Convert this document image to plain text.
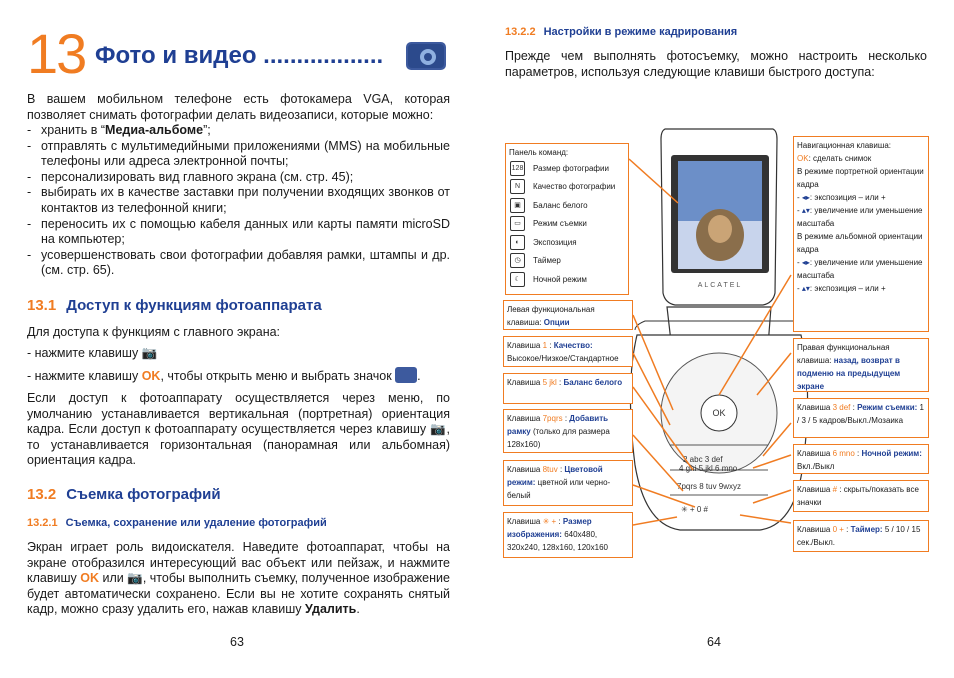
13 Фото и видео ..................
В вашем мобильном телефоне есть фотокамера VGA, которая позволяет снимать фотографии делать видеозаписи, которые можно:
- хранить в “Медиа-альбоме”;
- отправлять с мультимедийными приложениями (MMS) на мобильные телефоны или адреса электронной почты;
- персонализировать вид главного экрана (см. стр. 45);
- выбирать их в качестве заставки при получении входящих звонков от контактов из телефонной книги;
- переносить их с помощью кабеля данных или карты памяти microSD на компьютер;
- усовершенствовать свои фотографии добавляя рамки, штампы и др. (см. стр. 65).
13.1 Доступ к функциям фотоаппарата
Для доступа к функциям с главного экрана:
- нажмите клавишу 📷
- нажмите клавишу OK, чтобы открыть меню и выбрать значок .
Если доступ к фотоаппарату осуществляется через меню, по умолчанию устанавливается вертикальная (портретная) ориентация кадра. Если доступ к фотоаппарату осуществляется через клавишу 📷, то устанавливается горизонтальная (панорамная или альбомная) ориентация кадра.
13.2 Съемка фотографий
13.2.1 Съемка, сохранение или удаление фотографий
Экран играет роль видоискателя. Наведите фотоаппарат, чтобы на экране отобразился интересующий вас объект или пейзаж, и нажмите клавишу OK или 📷, чтобы выполнить съемку, полученное изображение будет автоматически сохранено. Если вы не хотите сохранять снятый кадр, можно сразу удалить его, нажав клавишу Удалить.
63
13.2.2 Настройки в режиме кадрирования
Прежде чем выполнять фотосъемку, можно настроить несколько параметров, используя следующие клавиши быстрого доступа:
ALCATEL
OK
2 abc 3 def
4 ghi 5 jkl 6 mno
7pqrs 8 tuv 9wxyz
✳ + 0 #
Панель команд:
128 Размер фотографии
N	Качество фотографии
▣	Баланс белого
▭	Режим съемки
◐	Экспозиция
◷	Таймер
☾	Ночной режим
Левая функциональная клавиша: Опции
Клавиша 1 : Качество: Высокое/Низкое/Стандартное
Клавиша 5 jkl : Баланс белого
Клавиша 7pqrs : Добавить рамку (только для размера 128x160)
Клавиша 8tuv : Цветовой режим: цветной или чернобелый
Клавиша ✳ + : Размер изображения: 640x480, 320x240, 128x160, 120x160
Навигационная клавиша:
OK: сделать снимок
В режиме портретной ориентации кадра
- ◂▸: экспозиция – или +
- ▴▾: увеличение или уменьшение масштаба
В режиме альбомной ориентации кадра
- ◂▸: увеличение или уменьшение масштаба
- ▴▾: экспозиция – или +
Правая функциональная клавиша: назад, возврат в подменю на предыдущем экране
Клавиша 3 def : Режим съемки: 1 / 3 / 5 кадров/Выкл./Мозаика
Клавиша 6 mno : Ночной режим: Вкл./Выкл
Клавиша # : скрыть/показать все значки
Клавиша 0 + : Таймер: 5 / 10 / 15 сек./Выкл.
64
